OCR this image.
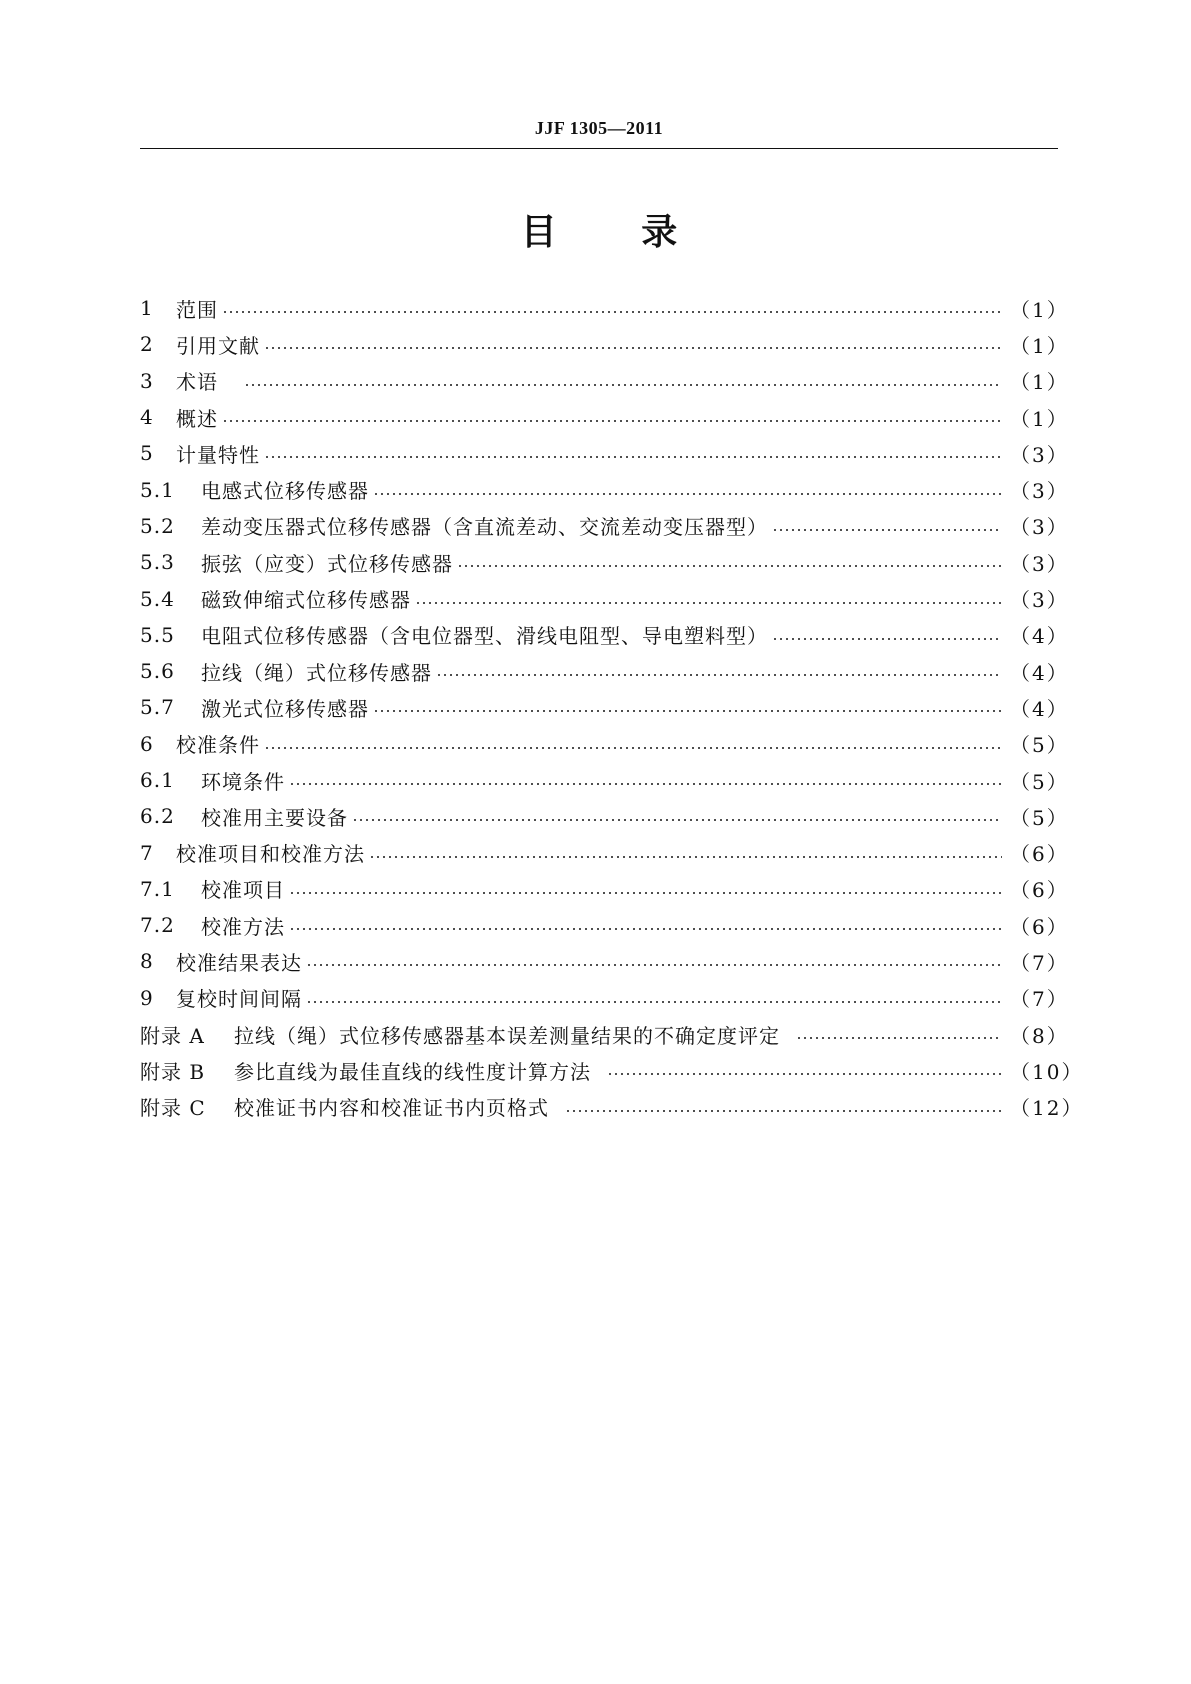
JJF 1305—2011
目 录
1	范围	（1）
2	引用文献	（1）
3	术语	（1）
4	概述	（1）
5	计量特性	（3）
5.1	电感式位移传感器	（3）
5.2	差动变压器式位移传感器（含直流差动、交流差动变压器型）	（3）
5.3	振弦（应变）式位移传感器	（3）
5.4	磁致伸缩式位移传感器	（3）
5.5	电阻式位移传感器（含电位器型、滑线电阻型、导电塑料型）	（4）
5.6	拉线（绳）式位移传感器	（4）
5.7	激光式位移传感器	（4）
6	校准条件	（5）
6.1	环境条件	（5）
6.2	校准用主要设备	（5）
7	校准项目和校准方法	（6）
7.1	校准项目	（6）
7.2	校准方法	（6）
8	校准结果表达	（7）
9	复校时间间隔	（7）
附录 A	拉线（绳）式位移传感器基本误差测量结果的不确定度评定	（8）
附录 B	参比直线为最佳直线的线性度计算方法	（10）
附录 C	校准证书内容和校准证书内页格式	（12）
